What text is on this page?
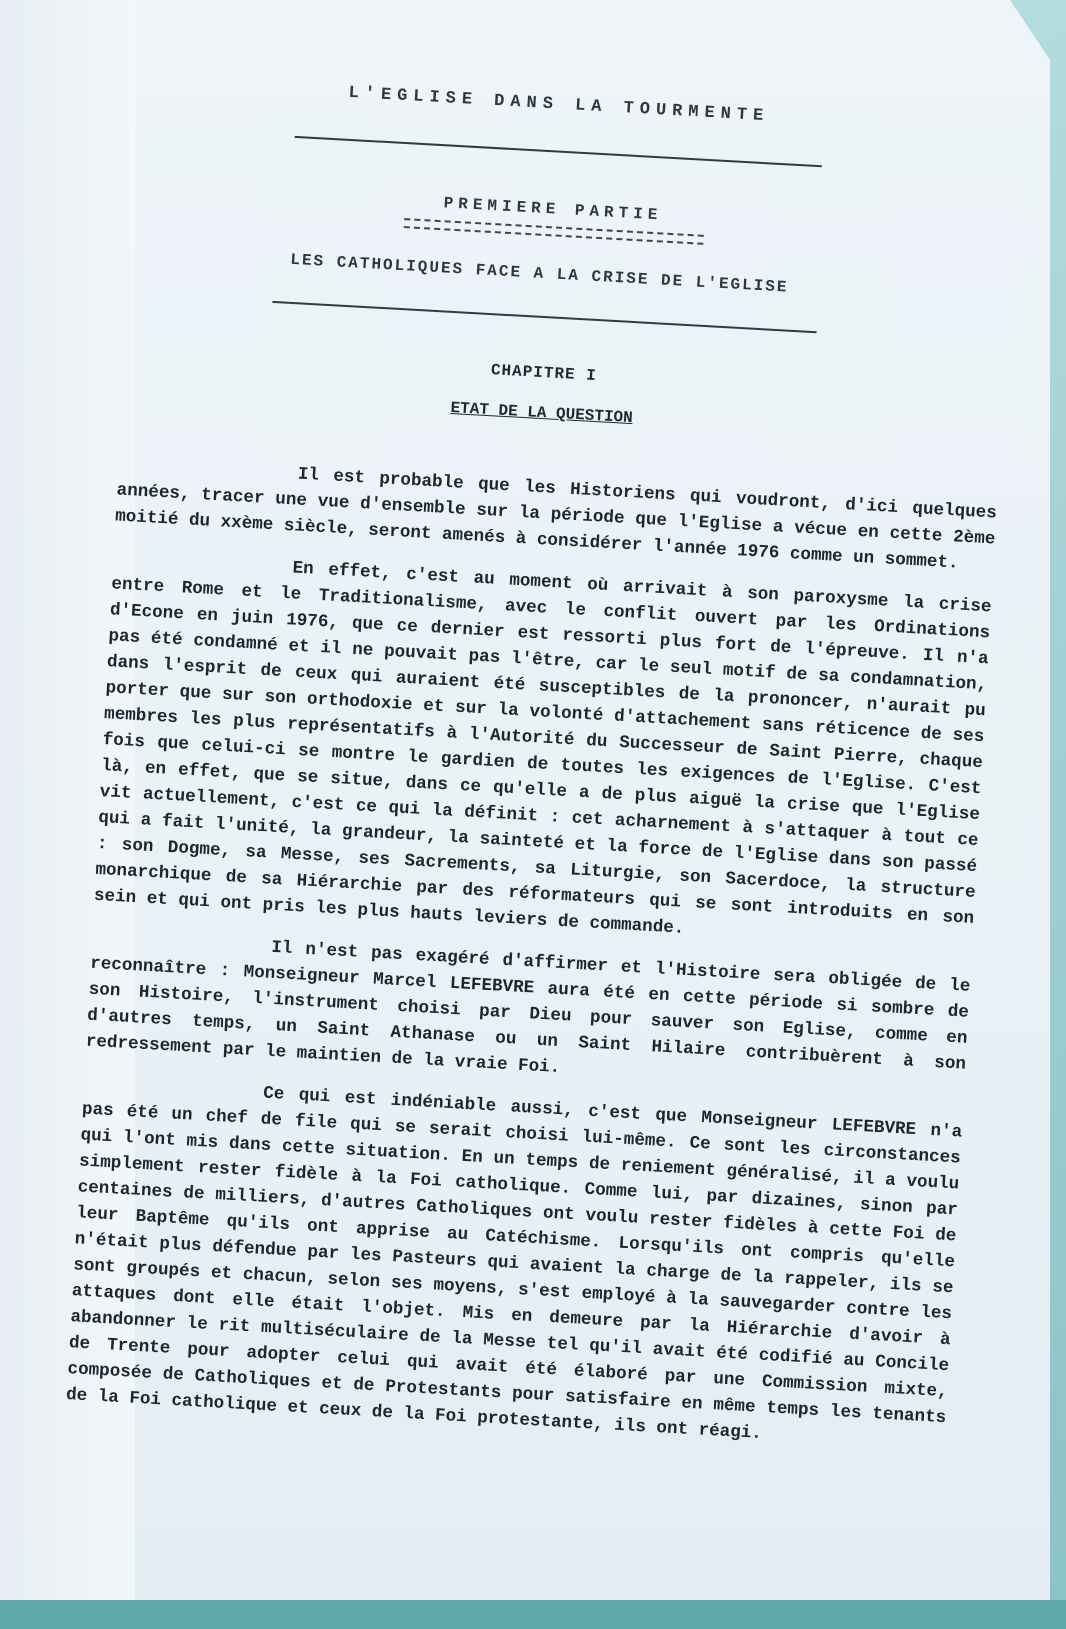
L'EGLISE DANS LA TOURMENTE
PREMIERE PARTIE
LES CATHOLIQUES FACE A LA CRISE DE L'EGLISE
CHAPITRE I
ETAT DE LA QUESTION

Il est probable que les Historiens qui voudront, d'ici quelques années, tracer une vue d'ensemble sur la période que l'Eglise a vécue en cette 2ème moitié du xxème siècle, seront amenés à considérer l'année 1976 comme un sommet.

En effet, c'est au moment où arrivait à son paroxysme la crise entre Rome et le Traditionalisme, avec le conflit ouvert par les Ordinations d'Econe en juin 1976, que ce dernier est ressorti plus fort de l'épreuve. Il n'a pas été condamné et il ne pouvait pas l'être, car le seul motif de sa condamnation, dans l'esprit de ceux qui auraient été susceptibles de la prononcer, n'aurait pu porter que sur son orthodoxie et sur la volonté d'attachement sans réticence de ses membres les plus représentatifs à l'Autorité du Successeur de Saint Pierre, chaque fois que celui-ci se montre le gardien de toutes les exigences de l'Eglise. C'est là, en effet, que se situe, dans ce qu'elle a de plus aiguë la crise que l'Eglise vit actuellement, c'est ce qui la définit : cet acharnement à s'attaquer à tout ce qui a fait l'unité, la grandeur, la sainteté et la force de l'Eglise dans son passé : son Dogme, sa Messe, ses Sacrements, sa Liturgie, son Sacerdoce, la structure monarchique de sa Hiérarchie par des réformateurs qui se sont introduits en son sein et qui ont pris les plus hauts leviers de commande.

Il n'est pas exagéré d'affirmer et l'Histoire sera obligée de le reconnaître : Monseigneur Marcel LEFEBVRE aura été en cette période si sombre de son Histoire, l'instrument choisi par Dieu pour sauver son Eglise, comme en d'autres temps, un Saint Athanase ou un Saint Hilaire contribuèrent à son redressement par le maintien de la vraie Foi.

Ce qui est indéniable aussi, c'est que Monseigneur LEFEBVRE n'a pas été un chef de file qui se serait choisi lui-même. Ce sont les circonstances qui l'ont mis dans cette situation. En un temps de reniement généralisé, il a voulu simplement rester fidèle à la Foi catholique. Comme lui, par dizaines, sinon par centaines de milliers, d'autres Catholiques ont voulu rester fidèles à cette Foi de leur Baptême qu'ils ont apprise au Catéchisme. Lorsqu'ils ont compris qu'elle n'était plus défendue par les Pasteurs qui avaient la charge de la rappeler, ils se sont groupés et chacun, selon ses moyens, s'est employé à la sauvegarder contre les attaques dont elle était l'objet. Mis en demeure par la Hiérarchie d'avoir à abandonner le rit multiséculaire de la Messe tel qu'il avait été codifié au Concile de Trente pour adopter celui qui avait été élaboré par une Commission mixte, composée de Catholiques et de Protestants pour satisfaire en même temps les tenants de la Foi catholique et ceux de la Foi protestante, ils ont réagi.
